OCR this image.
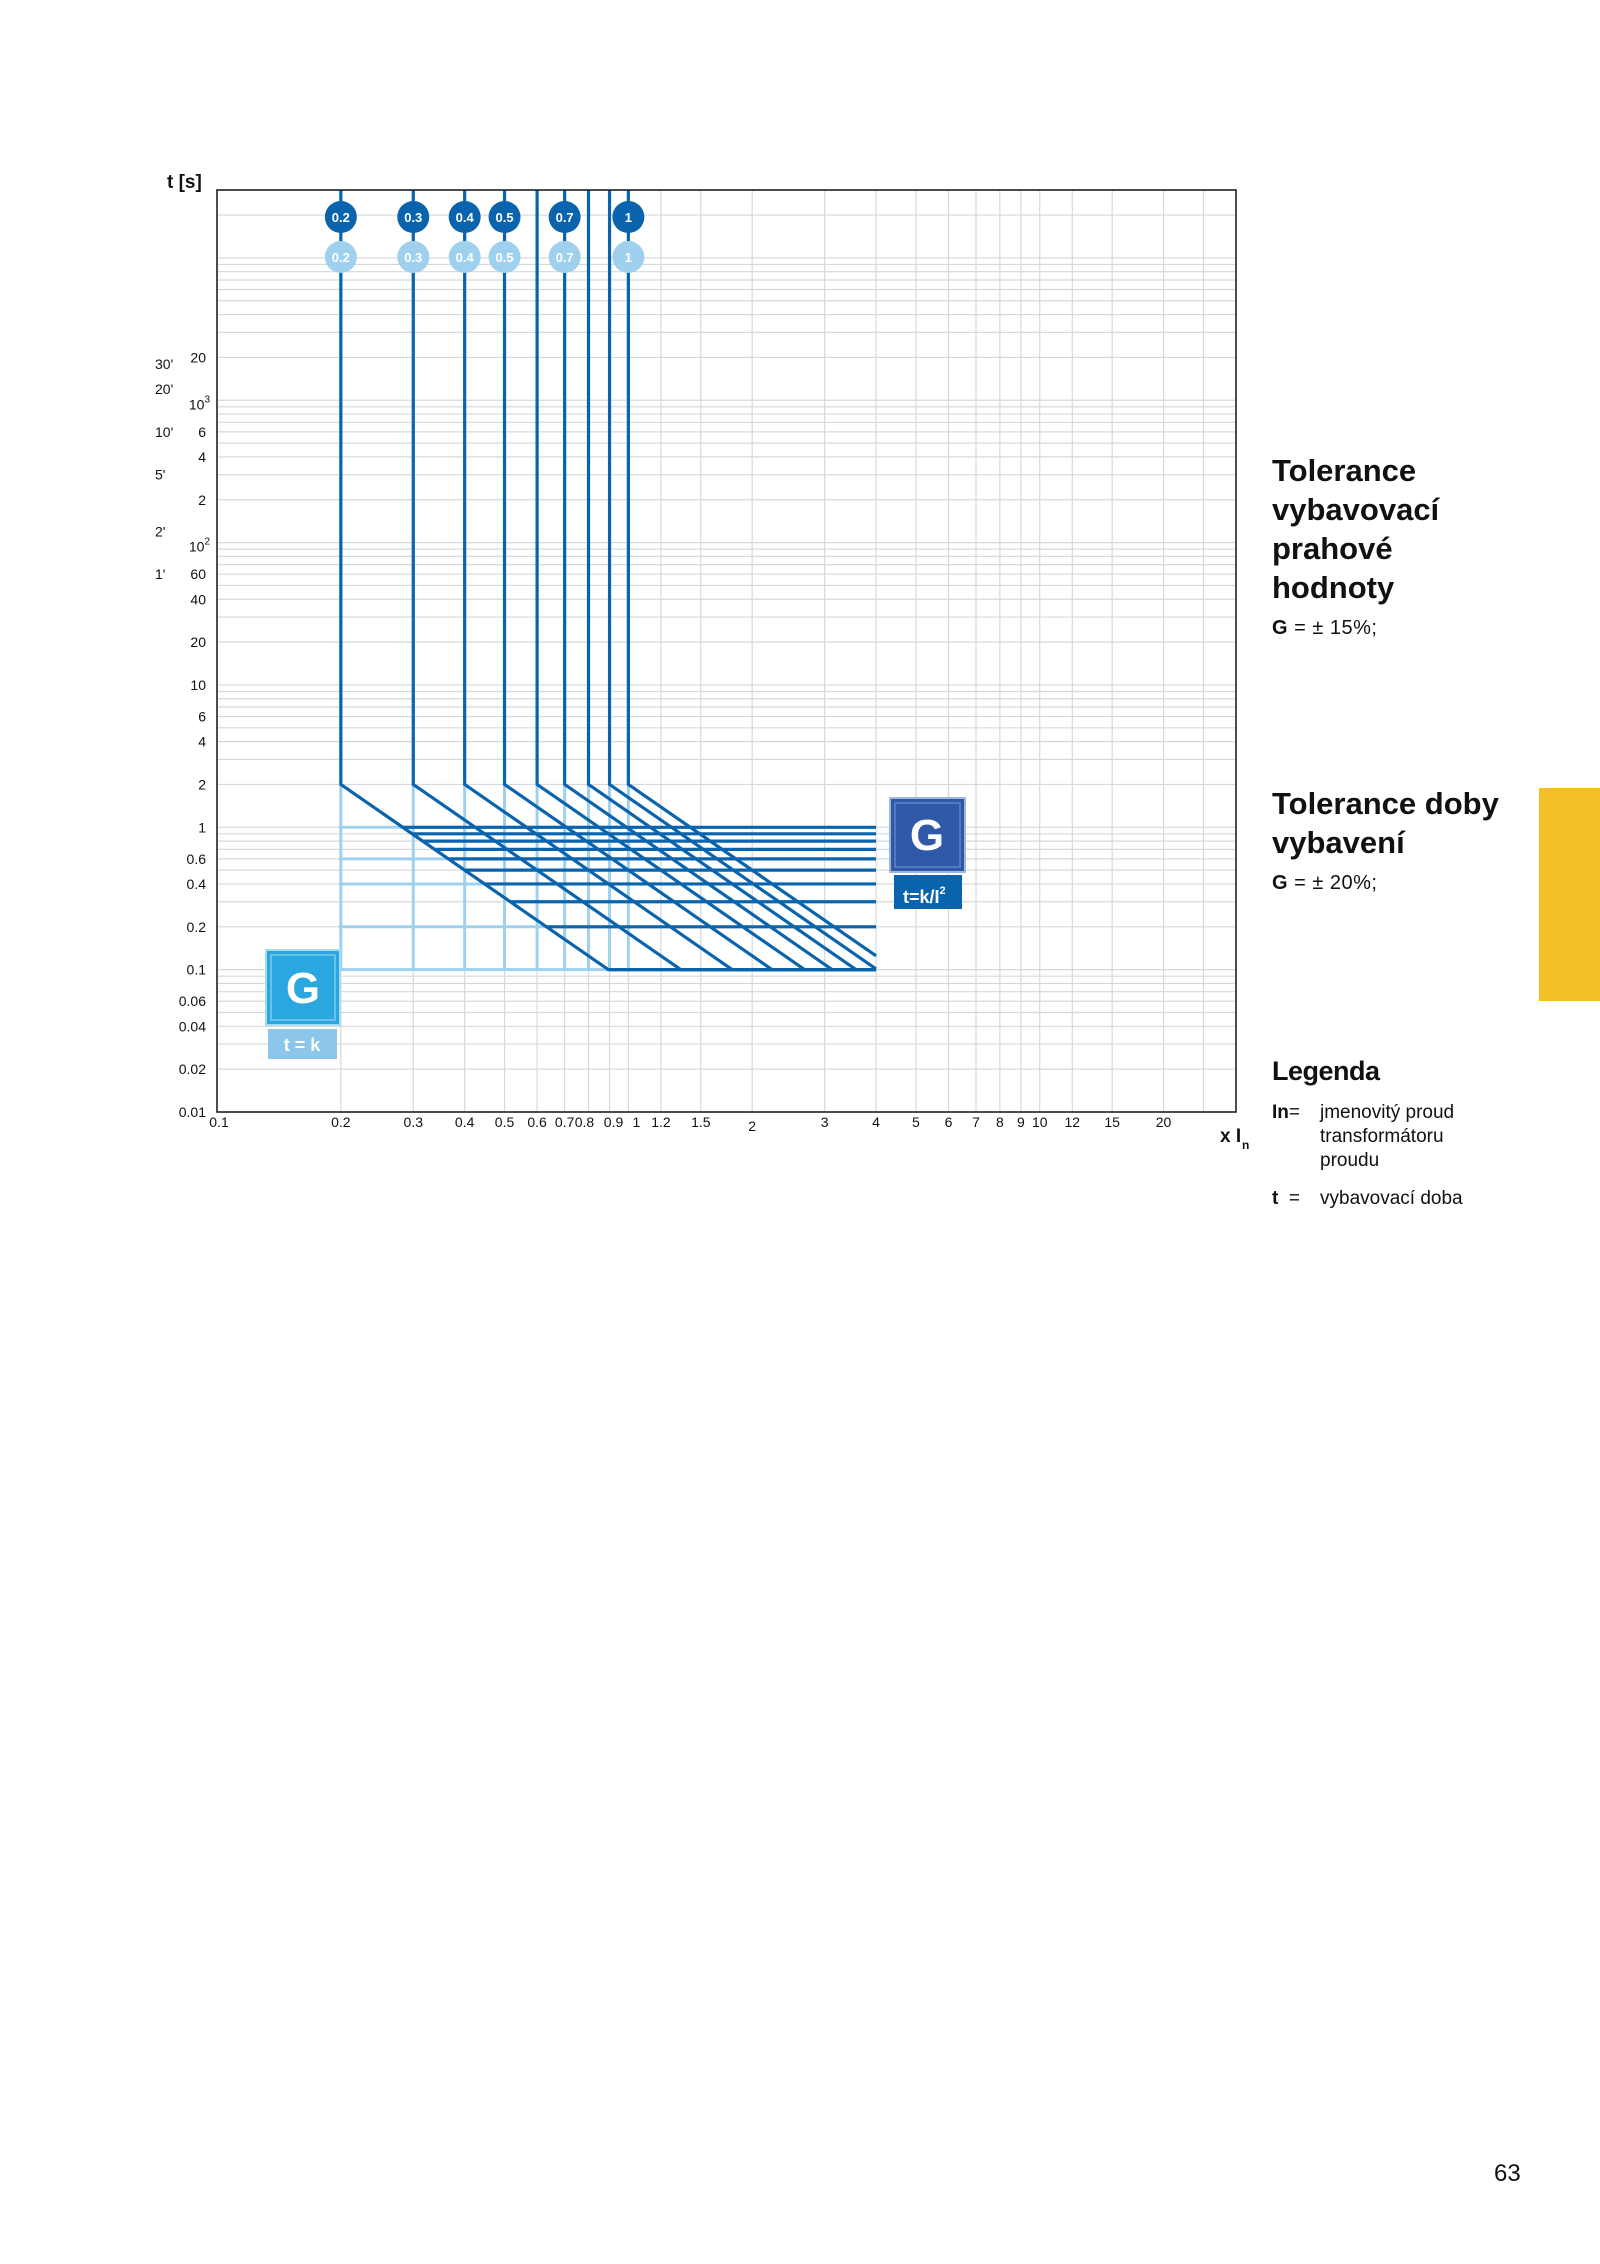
0.2
0.2
0.3
0.3
0.4
0.4
0.5
0.5
0.7
0.7
1
1
0.1	0.2	0.3 0.4 0.5 0.6 0.7 0.8 0.9 1 1.2 1.5	2	3	4 5 6 7 8 9 10 12 15	20
0.01
0.02
0.04
0.06
0.1
0.2
0.4
0.6
1
2
4
6
10
20
40
60
$10^2$
2
4
6
$10^3$
20
1'
2'
5'
10'
20'
30'
G
$t=k/I^2$
G
t = k
t [s]
x I n
Tolerance
vybavovací
prahové
hodnoty
G = ± 15%;
Tolerance doby
vybavení
G = ± 20%;
Legenda
In=	jmenovitý proud
transformátoru
proudu
t =	vybavovací doba
63
